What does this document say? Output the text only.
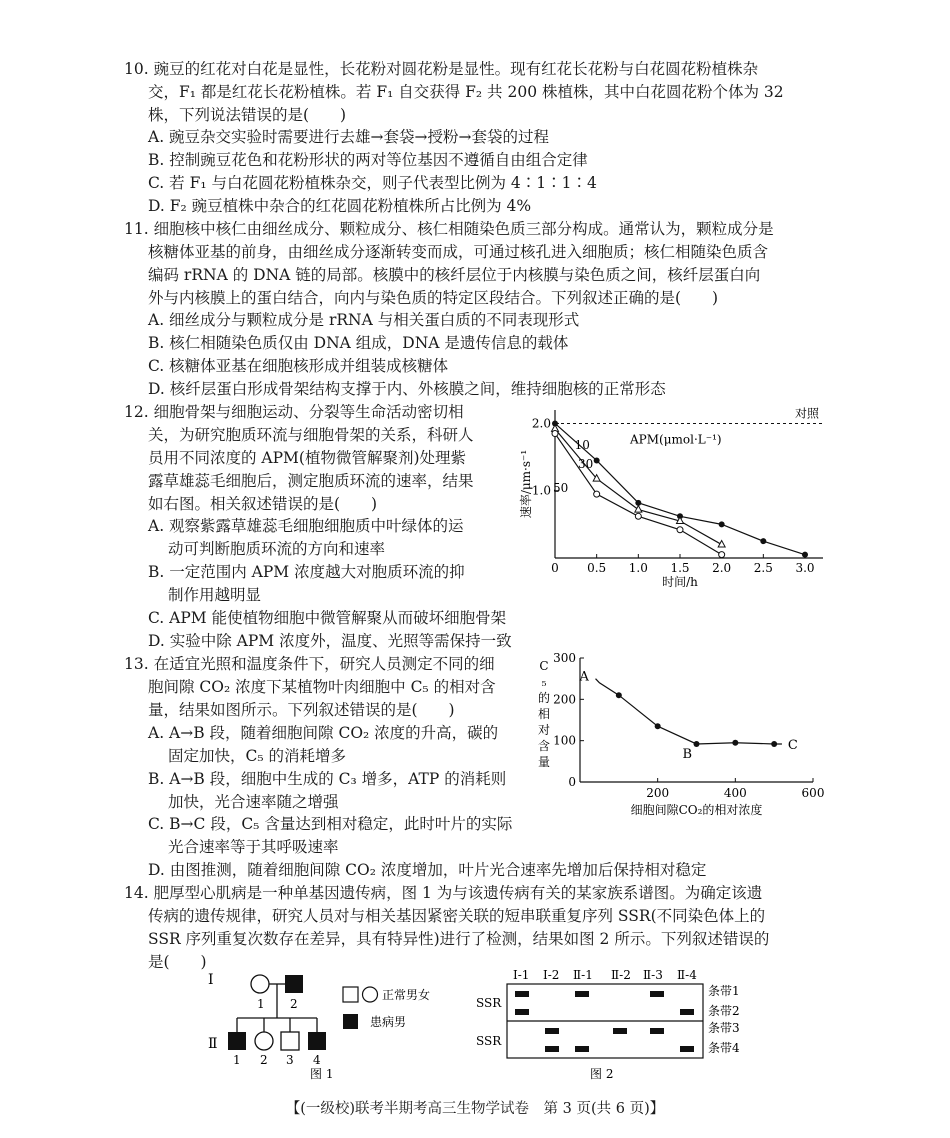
10. 豌豆的红花对白花是显性，长花粉对圆花粉是显性。现有红花长花粉与白花圆花粉植株杂
交，F₁ 都是红花长花粉植株。若 F₁ 自交获得 F₂ 共 200 株植株，其中白花圆花粉个体为 32
株，下列说法错误的是(　　)
A. 豌豆杂交实验时需要进行去雄→套袋→授粉→套袋的过程
B. 控制豌豆花色和花粉形状的两对等位基因不遵循自由组合定律
C. 若 F₁ 与白花圆花粉植株杂交，则子代表型比例为 4∶1∶1∶4
D. F₂ 豌豆植株中杂合的红花圆花粉植株所占比例为 4%
11. 细胞核中核仁由细丝成分、颗粒成分、核仁相随染色质三部分构成。通常认为，颗粒成分是
核糖体亚基的前身，由细丝成分逐渐转变而成，可通过核孔进入细胞质；核仁相随染色质含
编码 rRNA 的 DNA 链的局部。核膜中的核纤层位于内核膜与染色质之间，核纤层蛋白向
外与内核膜上的蛋白结合，向内与染色质的特定区段结合。下列叙述正确的是(　　)
A. 细丝成分与颗粒成分是 rRNA 与相关蛋白质的不同表现形式
B. 核仁相随染色质仅由 DNA 组成，DNA 是遗传信息的载体
C. 核糖体亚基在细胞核形成并组装成核糖体
D. 核纤层蛋白形成骨架结构支撑于内、外核膜之间，维持细胞核的正常形态
12. 细胞骨架与细胞运动、分裂等生命活动密切相
关，为研究胞质环流与细胞骨架的关系，科研人
员用不同浓度的 APM(植物微管解聚剂)处理紫
露草雄蕊毛细胞后，测定胞质环流的速率，结果
如右图。相关叙述错误的是(　　)
A. 观察紫露草雄蕊毛细胞细胞质中叶绿体的运
动可判断胞质环流的方向和速率
B. 一定范围内 APM 浓度越大对胞质环流的抑
制作用越明显
C. APM 能使植物细胞中微管解聚从而破坏细胞骨架
D. 实验中除 APM 浓度外，温度、光照等需保持一致
0 0.5 1.0 1.5 2.0 2.5 3.0
1.0
2.0
对照
APM(μmol·L⁻¹)
10
30
50
时间/h
速率/μm·s⁻¹
13. 在适宜光照和温度条件下，研究人员测定不同的细
胞间隙 CO₂ 浓度下某植物叶肉细胞中 C₅ 的相对含
量，结果如图所示。下列叙述错误的是(　　)
A. A→B 段，随着细胞间隙 CO₂ 浓度的升高，碳的
固定加快，C₅ 的消耗增多
B. A→B 段，细胞中生成的 C₃ 增多，ATP 的消耗则
加快，光合速率随之增强
C. B→C 段，C₅ 含量达到相对稳定，此时叶片的实际
光合速率等于其呼吸速率
D. 由图推测，随着细胞间隙 CO₂ 浓度增加，叶片光合速率先增加后保持相对稳定
200	400	600
0
100
200
300
A
B
C
细胞间隙CO₂的相对浓度
C
₅
的
相
对
含
量
14. 肥厚型心肌病是一种单基因遗传病，图 1 为与该遗传病有关的某家族系谱图。为确定该遗
传病的遗传规律，研究人员对与相关基因紧密关联的短串联重复序列 SSR(不同染色体上的
SSR 序列重复次数存在差异，具有特异性)进行了检测，结果如图 2 所示。下列叙述错误的
是(　　)
Ⅰ
Ⅱ
1 2
1 2 3 4
正常男女
患病男
图 1
Ⅰ-1 Ⅰ-2 Ⅱ-1 Ⅱ-2 Ⅱ-3 Ⅱ-4
SSR
SSR
条带1
条带2
条带3
条带4
图 2
【(一级校)联考半期考高三生物学试卷　第 3 页(共 6 页)】
